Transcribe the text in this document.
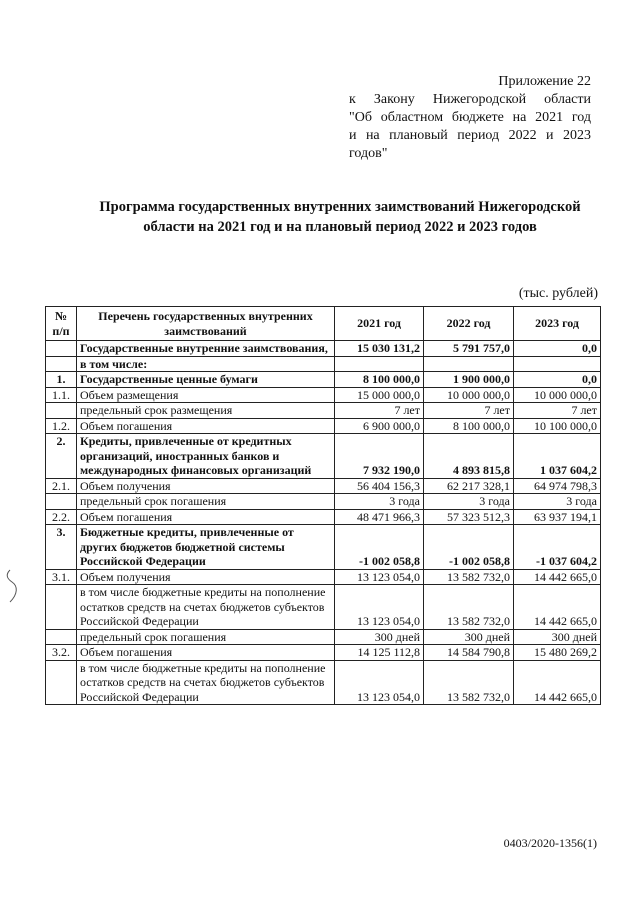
Приложение 22
к Закону Нижегородской области
"Об областном бюджете на 2021 год
и на плановый период 2022 и 2023
годов"
Программа государственных внутренних заимствований Нижегородской области на 2021 год и на плановый период 2022 и 2023 годов
(тыс. рублей)
№ п/п	Перечень государственных внутренних заимствований	2021 год	2022 год	2023 год
	Государственные внутренние заимствования,	15 030 131,2	5 791 757,0	0,0
	в том числе:			
1.	Государственные ценные бумаги	8 100 000,0	1 900 000,0	0,0
1.1.	Объем размещения	15 000 000,0	10 000 000,0	10 000 000,0
	предельный срок размещения	7 лет	7 лет	7 лет
1.2.	Объем погашения	6 900 000,0	8 100 000,0	10 100 000,0
2.	Кредиты, привлеченные от кредитных организаций, иностранных банков и международных финансовых организаций	7 932 190,0	4 893 815,8	1 037 604,2
2.1.	Объем получения	56 404 156,3	62 217 328,1	64 974 798,3
	предельный срок погашения	3 года	3 года	3 года
2.2.	Объем погашения	48 471 966,3	57 323 512,3	63 937 194,1
3.	Бюджетные кредиты, привлеченные от других бюджетов бюджетной системы Российской Федерации	-1 002 058,8	-1 002 058,8	-1 037 604,2
3.1.	Объем получения	13 123 054,0	13 582 732,0	14 442 665,0
	в том числе бюджетные кредиты на пополнение остатков средств на счетах бюджетов субъектов Российской Федерации	13 123 054,0	13 582 732,0	14 442 665,0
	предельный срок погашения	300 дней	300 дней	300 дней
3.2.	Объем погашения	14 125 112,8	14 584 790,8	15 480 269,2
	в том числе бюджетные кредиты на пополнение остатков средств на счетах бюджетов субъектов Российской Федерации	13 123 054,0	13 582 732,0	14 442 665,0
0403/2020-1356(1)
